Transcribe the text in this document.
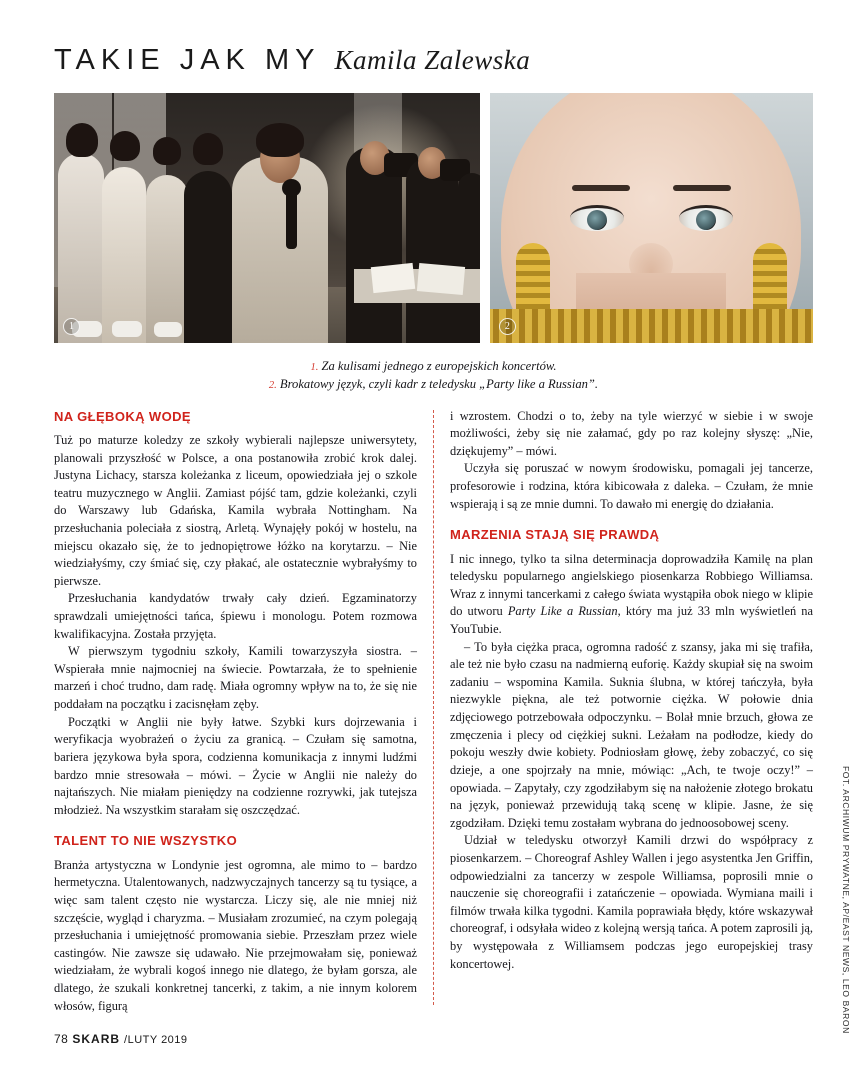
TAKIE JAK MY Kamila Zalewska
1	2
1. Za kulisami jednego z europejskich koncertów.
2. Brokatowy język, czyli kadr z teledysku „Party like a Russian”.
NA GŁĘBOKĄ WODĘ

Tuż po maturze koledzy ze szkoły wybierali najlepsze uniwersytety, planowali przyszłość w Polsce, a ona postanowiła zrobić krok dalej. Justyna Lichacy, starsza koleżanka z liceum, opowiedziała jej o szkole teatru muzycznego w Anglii. Zamiast pójść tam, gdzie koleżanki, czyli do Warszawy lub Gdańska, Kamila wybrała Nottingham. Na przesłuchania poleciała z siostrą, Arletą. Wynajęły pokój w hostelu, na miejscu okazało się, że to jednopiętrowe łóżko na korytarzu. – Nie wiedziałyśmy, czy śmiać się, czy płakać, ale ostatecznie wybrałyśmy to pierwsze.

Przesłuchania kandydatów trwały cały dzień. Egzaminatorzy sprawdzali umiejętności tańca, śpiewu i monologu. Potem rozmowa kwalifikacyjna. Została przyjęta.

W pierwszym tygodniu szkoły, Kamili towarzyszyła siostra. – Wspierała mnie najmocniej na świecie. Powtarzała, że to spełnienie marzeń i choć trudno, dam radę. Miała ogromny wpływ na to, że się nie poddałam na początku i zacisnęłam zęby.

Początki w Anglii nie były łatwe. Szybki kurs dojrzewania i weryfikacja wyobrażeń o życiu za granicą. – Czułam się samotna, bariera językowa była spora, codzienna komunikacja z innymi ludźmi bardzo mnie stresowała – mówi. – Życie w Anglii nie należy do najtańszych. Nie miałam pieniędzy na codzienne rozrywki, jak tutejsza młodzież. Na wszystkim starałam się oszczędzać.

TALENT TO NIE WSZYSTKO

Branża artystyczna w Londynie jest ogromna, ale mimo to – bardzo hermetyczna. Utalentowanych, nadzwyczajnych tancerzy są tu tysiące, a więc sam talent często nie wystarcza. Liczy się, ale nie mniej niż szczęście, wygląd i charyzma. – Musiałam zrozumieć, na czym polegają przesłuchania i umiejętność promowania siebie. Przeszłam przez wiele castingów. Nie zawsze się udawało. Nie przejmowałam się, ponieważ wiedziałam, że wybrali kogoś innego nie dlatego, że byłam gorsza, ale dlatego, że szukali konkretnej tancerki, z takim, a nie innym kolorem włosów, figurą

i wzrostem. Chodzi o to, żeby na tyle wierzyć w siebie i w swoje możliwości, żeby się nie załamać, gdy po raz kolejny słyszę: „Nie, dziękujemy” – mówi.

Uczyła się poruszać w nowym środowisku, pomagali jej tancerze, profesorowie i rodzina, która kibicowała z daleka. – Czułam, że mnie wspierają i są ze mnie dumni. To dawało mi energię do działania.

MARZENIA STAJĄ SIĘ PRAWDĄ

I nic innego, tylko ta silna determinacja doprowadziła Kamilę na plan teledysku popularnego angielskiego piosenkarza Robbiego Williamsa. Wraz z innymi tancerkami z całego świata wystąpiła obok niego w klipie do utworu Party Like a Russian, który ma już 33 mln wyświetleń na YouTubie.

– To była ciężka praca, ogromna radość z szansy, jaka mi się trafiła, ale też nie było czasu na nadmierną euforię. Każdy skupiał się na swoim zadaniu – wspomina Kamila. Suknia ślubna, w której tańczyła, była niezwykle piękna, ale też potwornie ciężka. W połowie dnia zdjęciowego potrzebowała odpoczynku. – Bolał mnie brzuch, głowa ze zmęczenia i plecy od ciężkiej sukni. Leżałam na podłodze, kiedy do pokoju weszły dwie kobiety. Podniosłam głowę, żeby zobaczyć, co się dzieje, a one spojrzały na mnie, mówiąc: „Ach, te twoje oczy!” – opowiada. – Zapytały, czy zgodziłabym się na nałożenie złotego brokatu na język, ponieważ przewidują taką scenę w klipie. Jasne, że się zgodziłam. Dzięki temu zostałam wybrana do jednoosobowej sceny.

Udział w teledysku otworzył Kamili drzwi do współpracy z piosenkarzem. – Choreograf Ashley Wallen i jego asystentka Jen Griffin, odpowiedzialni za tancerzy w zespole Williamsa, poprosili mnie o nauczenie się choreografii i zatańczenie – opowiada. Wymiana maili i filmów trwała kilka tygodni. Kamila poprawiała błędy, które wskazywał choreograf, i odsyłała wideo z kolejną wersją tańca. A potem zaprosili ją, by występowała z Williamsem podczas jego europejskiej trasy koncertowej.

78 SKARB /LUTY 2019
FOT. ARCHIWUM PRYWATNE, AP/EAST NEWS, LEO BARON
